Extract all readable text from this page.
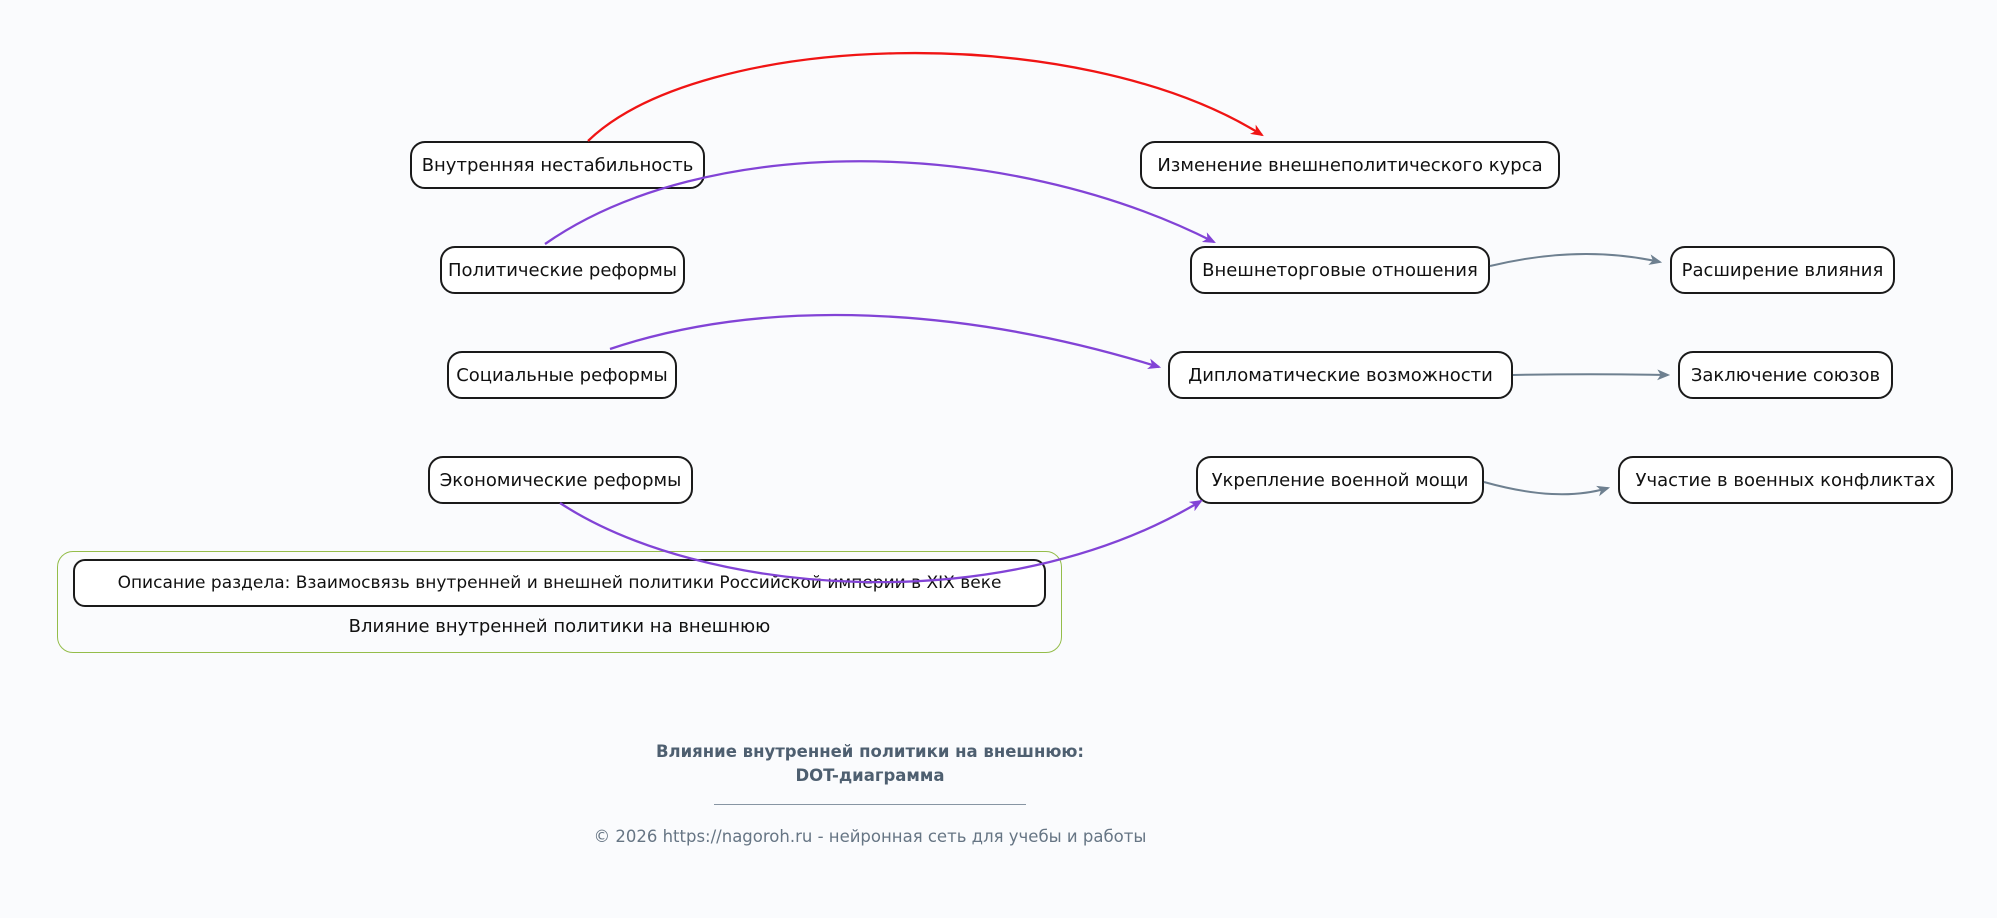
Внутренняя нестабильность	Изменение внешнеполитического курса
Политические реформы	Внешнеторговые отношения	Расширение влияния
Социальные реформы	Дипломатические возможности	Заключение союзов
Экономические реформы	Укрепление военной мощи	Участие в военных конфликтах
Описание раздела: Взаимосвязь внутренней и внешней политики Российской империи в XIX веке
Влияние внутренней политики на внешнюю
Влияние внутренней политики на внешнюю:
DOT-диаграмма
© 2026 https://nagoroh.ru - нейронная сеть для учебы и работы
